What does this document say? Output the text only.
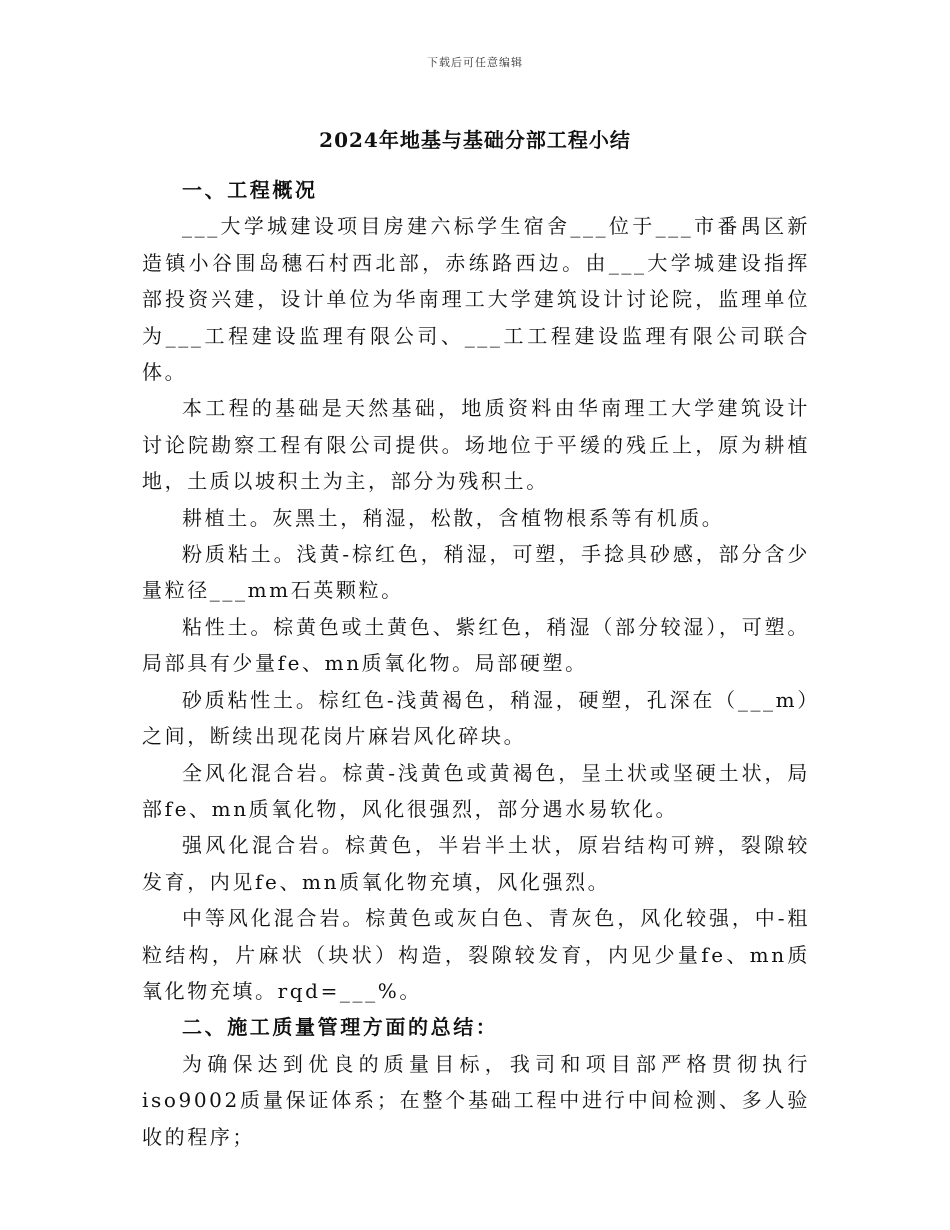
下载后可任意编辑
2024年地基与基础分部工程小结

一、工程概况

___大学城建设项目房建六标学生宿舍___位于___市番禺区新造镇小谷围岛穗石村西北部，赤练路西边。由___大学城建设指挥部投资兴建，设计单位为华南理工大学建筑设计讨论院，监理单位为___工程建设监理有限公司、___工工程建设监理有限公司联合体。

本工程的基础是天然基础，地质资料由华南理工大学建筑设计讨论院勘察工程有限公司提供。场地位于平缓的残丘上，原为耕植地，土质以坡积土为主，部分为残积土。

耕植土。灰黑土，稍湿，松散，含植物根系等有机质。

粉质粘土。浅黄-棕红色，稍湿，可塑，手捻具砂感，部分含少量粒径___mm石英颗粒。

粘性土。棕黄色或土黄色、紫红色，稍湿（部分较湿），可塑。局部具有少量fe、mn质氧化物。局部硬塑。

砂质粘性土。棕红色-浅黄褐色，稍湿，硬塑，孔深在（___m）之间，断续出现花岗片麻岩风化碎块。

全风化混合岩。棕黄-浅黄色或黄褐色，呈土状或坚硬土状，局部fe、mn质氧化物，风化很强烈，部分遇水易软化。

强风化混合岩。棕黄色，半岩半土状，原岩结构可辨，裂隙较发育，内见fe、mn质氧化物充填，风化强烈。

中等风化混合岩。棕黄色或灰白色、青灰色，风化较强，中-粗粒结构，片麻状（块状）构造，裂隙较发育，内见少量fe、mn质氧化物充填。rqd=___%。

二、施工质量管理方面的总结：

为确保达到优良的质量目标，我司和项目部严格贯彻执行iso9002质量保证体系；在整个基础工程中进行中间检测、多人验收的程序；
